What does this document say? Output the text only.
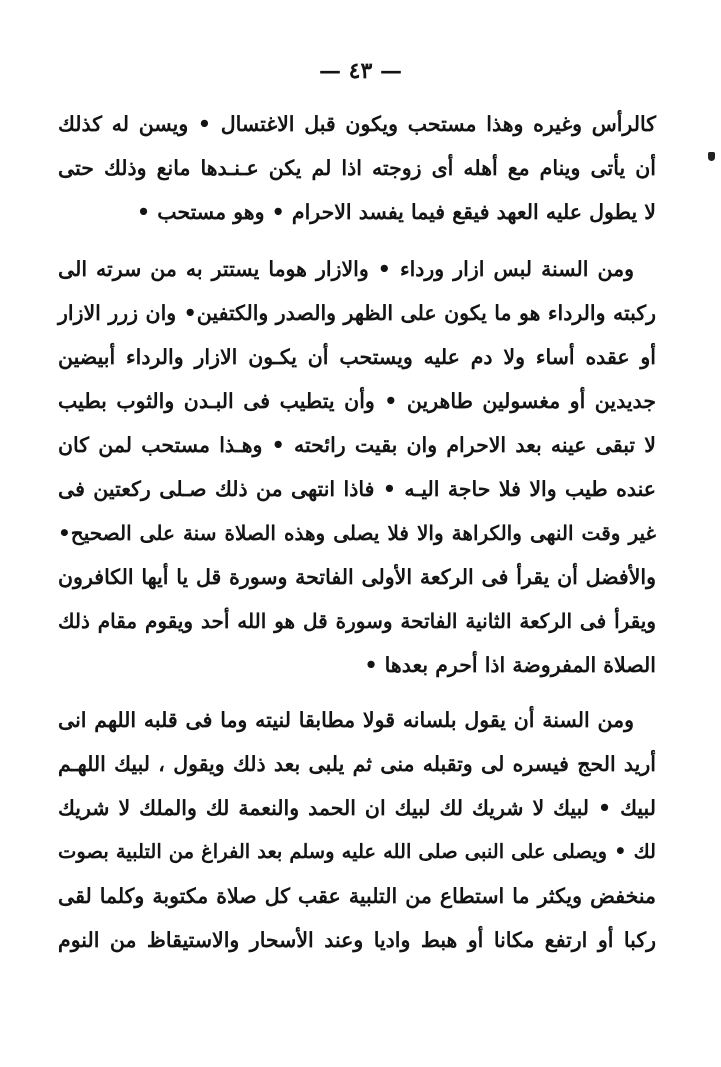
— ٤٣ —
كالرأس وغيره وهذا مستحب ويكون قبل الاغتسال • ويسن له كذلك
أن يأتى وينام مع أهله أى زوجته اذا لم يكن عـنـدها مانع وذلك حتى
لا يطول عليه العهد فيقع فيما يفسد الاحرام • وهو مستحب •
ومن السنة لبس ازار ورداء • والازار هوما يستتر به من سرته الى
ركبته والرداء هو ما يكون على الظهر والصدر والكتفين• وان زرر الازار
أو عقده أساء ولا دم عليه ويستحب أن يكـون الازار والرداء أبيضين
جديدين أو مغسولين طاهرين • وأن يتطيب فى البـدن والثوب بطيب
لا تبقى عينه بعد الاحرام وان بقيت رائحته • وهـذا مستحب لمن كان
عنده طيب والا فلا حاجة اليـه • فاذا انتهى من ذلك صـلى ركعتين فى
غير وقت النهى والكراهة والا فلا يصلى وهذه الصلاة سنة على الصحيح•
والأفضل أن يقرأ فى الركعة الأولى الفاتحة وسورة قل يا أيها الكافرون
ويقرأ فى الركعة الثانية الفاتحة وسورة قل هو الله أحد ويقوم مقام ذلك
الصلاة المفروضة اذا أحرم بعدها •
ومن السنة أن يقول بلسانه قولا مطابقا لنيته وما فى قلبه اللهم انى
أريد الحج فيسره لى وتقبله منى ثم يلبى بعد ذلك ويقول ، لبيك اللهـم
لبيك • لبيك لا شريك لك لبيك ان الحمد والنعمة لك والملك لا شريك
لك • ويصلى على النبى صلى الله عليه وسلم بعد الفراغ من التلبية بصوت
منخفض ويكثر ما استطاع من التلبية عقب كل صلاة مكتوبة وكلما لقى
ركبا أو ارتفع مكانا أو هبط واديا وعند الأسحار والاستيقاظ من النوم
